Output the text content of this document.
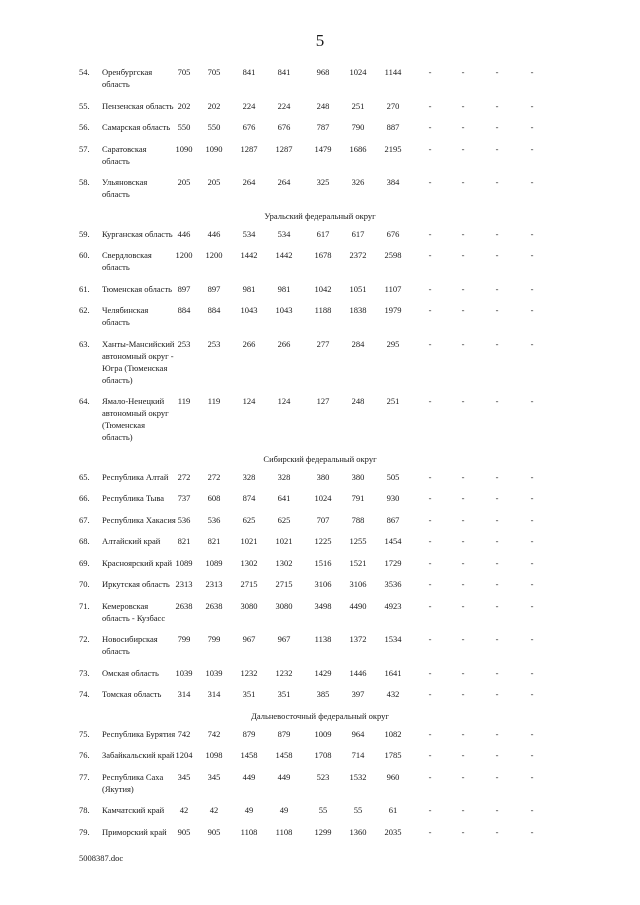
5
54. Оренбургская
область
705	705	841	841	968	1024	1144	-	-	-	-
55. Пензенская область 202	202	224	224	248	251	270	-	-	-	-
56. Самарская область 550	550	676	676	787	790	887	-	-	-	-
57. Саратовская
область
1090	1090	1287	1287	1479	1686	2195	-	-	-	-
58. Ульяновская
область
205	205	264	264	325	326	384	-	-	-	-
Уральский федеральный округ
59. Курганская область 446	446	534	534	617	617	676	-	-	-	-
60. Свердловская
область
1200	1200	1442	1442	1678	2372	2598	-	-	-	-
61. Тюменская область 897	897	981	981	1042	1051	1107	-	-	-	-
62. Челябинская
область
884	884	1043	1043	1188	1838	1979	-	-	-	-
63. Ханты-Мансийский
автономный округ -
Югра (Тюменская
область)
253	253	266	266	277	284	295	-	-	-	-
64. Ямало-Ненецкий
автономный округ
(Тюменская
область)
119	119	124	124	127	248	251	-	-	-	-
Сибирский федеральный округ
65. Республика Алтай	272	272	328	328	380	380	505	-	-	-	-
66. Республика Тыва	737	608	874	641	1024	791	930	-	-	-	-
67. Республика Хакасия 536	536	625	625	707	788	867	-	-	-	-
68. Алтайский край	821	821	1021	1021	1225	1255	1454	-	-	-	-
69. Красноярский край 1089	1089	1302	1302	1516	1521	1729	-	-	-	-
70. Иркутская область 2313	2313	2715	2715	3106	3106	3536	-	-	-	-
71. Кемеровская
область - Кузбасс
2638	2638	3080	3080	3498	4490	4923	-	-	-	-
72. Новосибирская
область
799	799	967	967	1138	1372	1534	-	-	-	-
73. Омская область	1039	1039	1232	1232	1429	1446	1641	-	-	-	-
74. Томская область	314	314	351	351	385	397	432	-	-	-	-
Дальневосточный федеральный округ
75. Республика Бурятия 742	742	879	879	1009	964	1082	-	-	-	-
76. Забайкальский край 1204	1098	1458	1458	1708	714	1785	-	-	-	-
77. Республика Саха
(Якутия)
345	345	449	449	523	1532	960	-	-	-	-
78. Камчатский край	42	42	49	49	55	55	61	-	-	-	-
79. Приморский край	905	905	1108	1108	1299	1360	2035	-	-	-	-
5008387.doc
